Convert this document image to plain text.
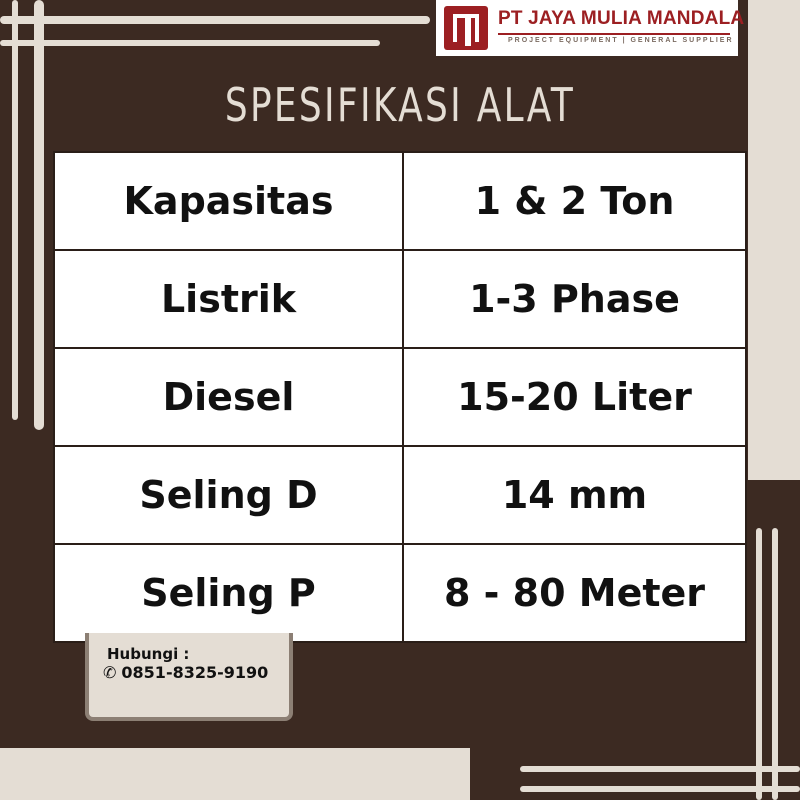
PT JAYA MULIA MANDALA
PROJECT EQUIPMENT | GENERAL SUPPLIER
SPESIFIKASI ALAT
Kapasitas	1 & 2 Ton
Listrik	1-3 Phase
Diesel	15-20 Liter
Seling D	14 mm
Seling P	8 - 80 Meter
Hubungi :
✆ 0851-8325-9190
